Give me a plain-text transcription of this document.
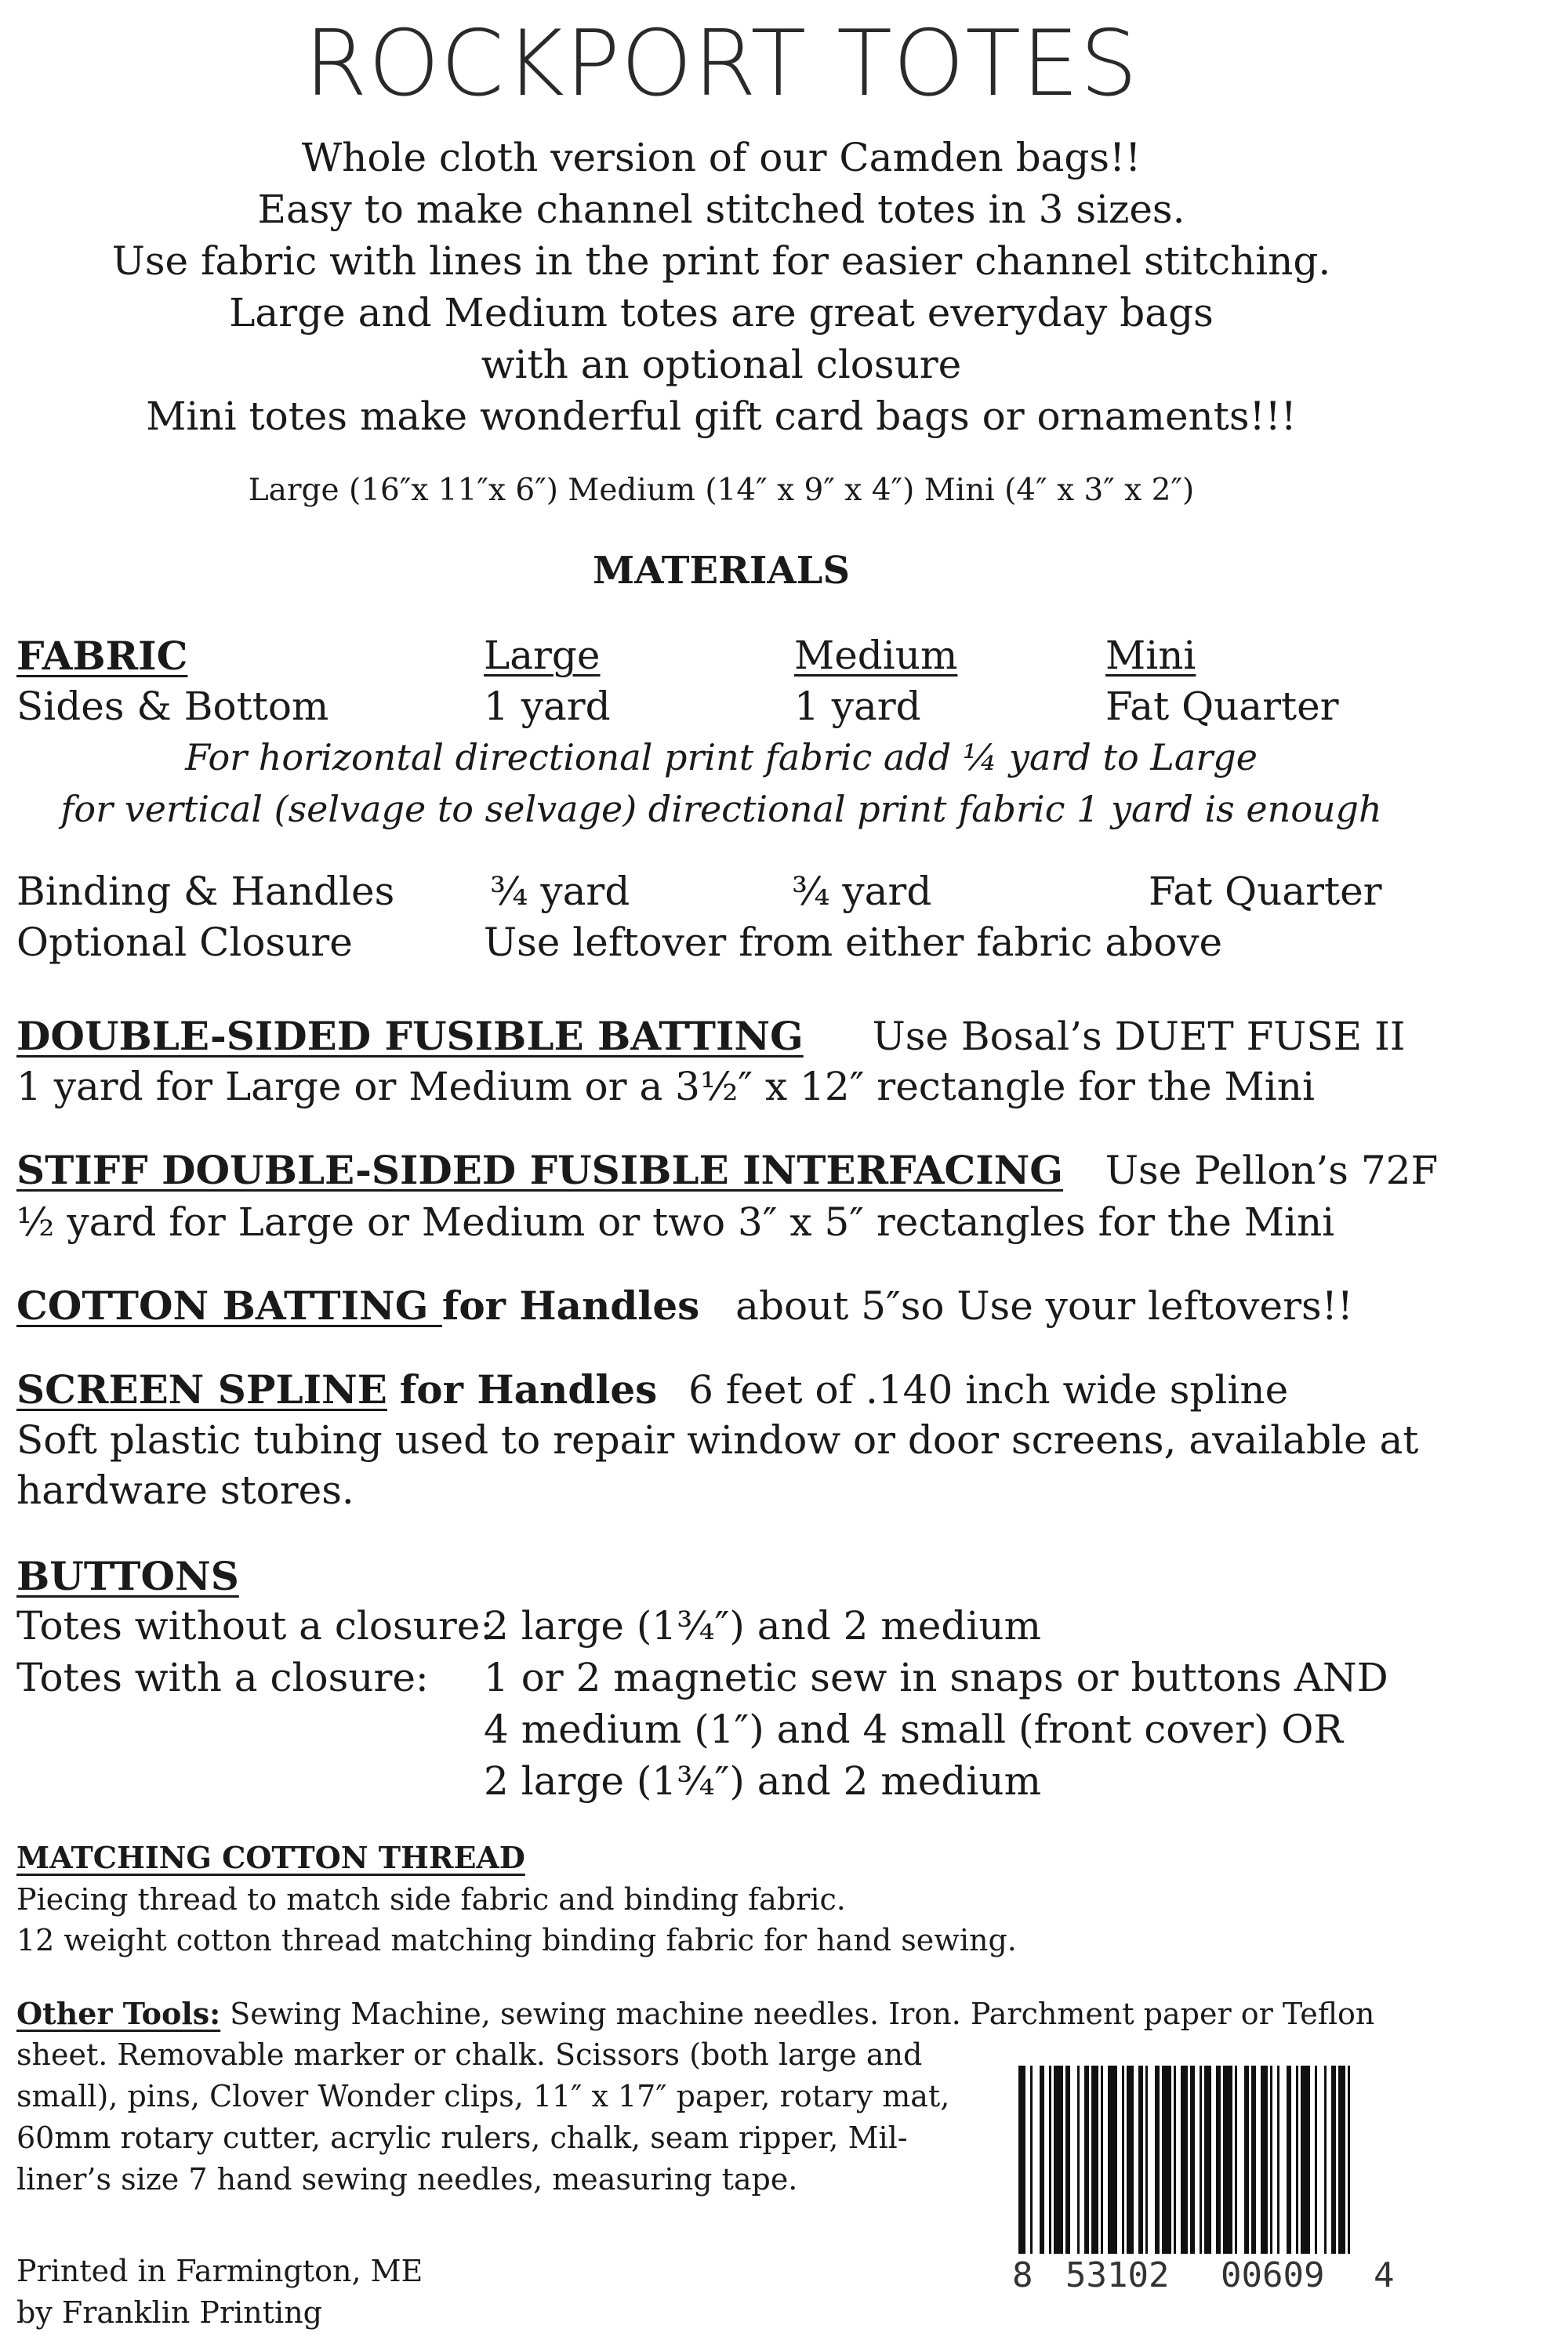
ROCKPORT TOTES
Whole cloth version of our Camden bags!!
Easy to make channel stitched totes in 3 sizes.
Use fabric with lines in the print for easier channel stitching.
Large and Medium totes are great everyday bags
with an optional closure
Mini totes make wonderful gift card bags or ornaments!!!
Large (16″x 11″x 6″) Medium (14″ x 9″ x 4″) Mini (4″ x 3″ x 2″)
MATERIALS
FABRIC	Large	Medium	Mini
Sides & Bottom	1 yard	1 yard	Fat Quarter
For horizontal directional print fabric add ¼ yard to Large
for vertical (selvage to selvage) directional print fabric 1 yard is enough
Binding & Handles ¾ yard	¾ yard	Fat Quarter
Optional Closure	Use leftover from either fabric above
DOUBLE-SIDED FUSIBLE BATTING Use Bosal’s DUET FUSE II
1 yard for Large or Medium or a 3½″ x 12″ rectangle for the Mini
STIFF DOUBLE-SIDED FUSIBLE INTERFACING Use Pellon’s 72F
½ yard for Large or Medium or two 3″ x 5″ rectangles for the Mini
COTTON BATTING for Handles about 5″so Use your leftovers!!
SCREEN SPLINE for Handles 6 feet of .140 inch wide spline
Soft plastic tubing used to repair window or door screens, available at
hardware stores.
BUTTONS
Totes without a closure:
2 large (1¾″) and 2 medium
Totes with a closure: 1 or 2 magnetic sew in snaps or buttons AND
4 medium (1″) and 4 small (front cover) OR
2 large (1¾″) and 2 medium
MATCHING COTTON THREAD
Piecing thread to match side fabric and binding fabric.
12 weight cotton thread matching binding fabric for hand sewing.
Other Tools: Sewing Machine, sewing machine needles. Iron. Parchment paper or Teflon
sheet. Removable marker or chalk. Scissors (both large and
small), pins, Clover Wonder clips, 11″ x 17″ paper, rotary mat,
60mm rotary cutter, acrylic rulers, chalk, seam ripper, Mil-
liner’s size 7 hand sewing needles, measuring tape.
Printed in Farmington, ME
by Franklin Printing
8 53102 00609 4
